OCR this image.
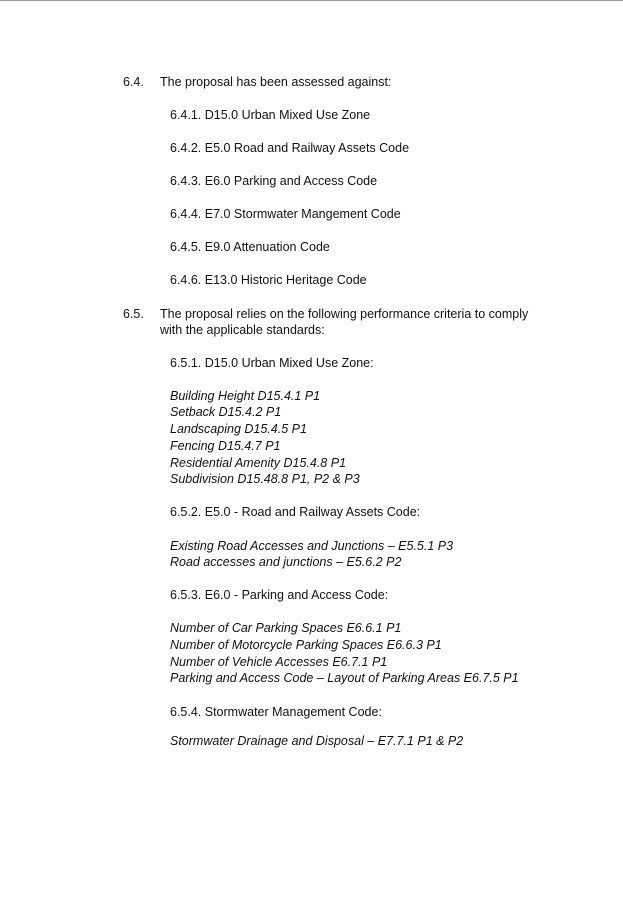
6.4. The proposal has been assessed against:
6.4.1. D15.0 Urban Mixed Use Zone
6.4.2. E5.0 Road and Railway Assets Code
6.4.3. E6.0 Parking and Access Code
6.4.4. E7.0 Stormwater Mangement Code
6.4.5. E9.0 Attenuation Code
6.4.6. E13.0 Historic Heritage Code
6.5. The proposal relies on the following performance criteria to comply
with the applicable standards:
6.5.1. D15.0 Urban Mixed Use Zone:
Building Height D15.4.1 P1
Setback D15.4.2 P1
Landscaping D15.4.5 P1
Fencing D15.4.7 P1
Residential Amenity D15.4.8 P1
Subdivision D15.48.8 P1, P2 & P3
6.5.2. E5.0 - Road and Railway Assets Code:
Existing Road Accesses and Junctions – E5.5.1 P3
Road accesses and junctions – E5.6.2 P2
6.5.3. E6.0 - Parking and Access Code:
Number of Car Parking Spaces E6.6.1 P1
Number of Motorcycle Parking Spaces E6.6.3 P1
Number of Vehicle Accesses E6.7.1 P1
Parking and Access Code – Layout of Parking Areas E6.7.5 P1
6.5.4. Stormwater Management Code:
Stormwater Drainage and Disposal – E7.7.1 P1 & P2
